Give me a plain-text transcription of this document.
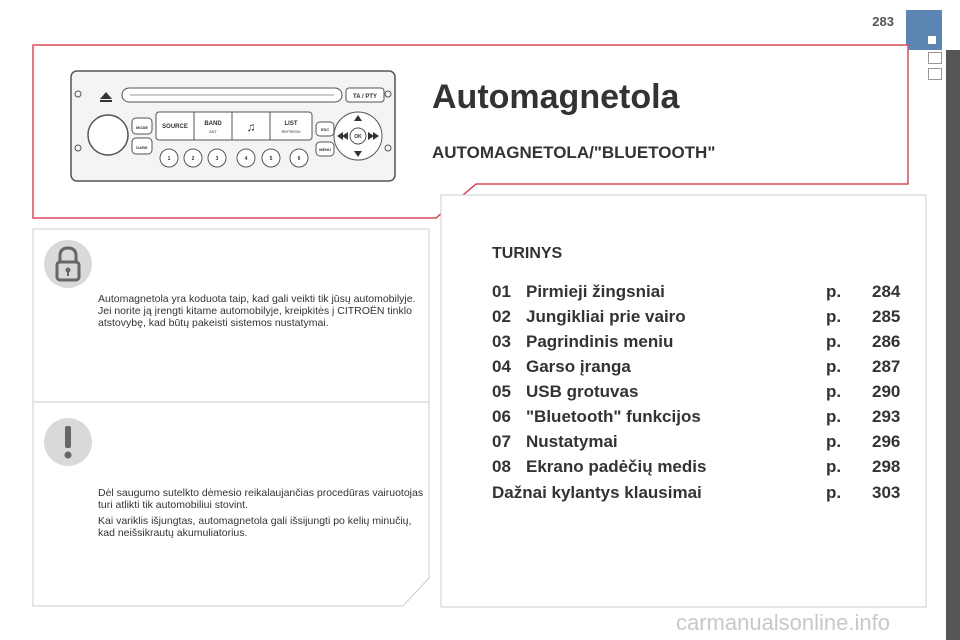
283
Automagnetola
AUTOMAGNETOLA/"BLUETOOTH"
TA / PTY
MODE
DARK
SOURCE	BAND
AST ♫	LIST
REFRESH
1	2	3	4	5	6
ESC
MENU
OK
Automagnetola yra koduota taip, kad gali veikti tik jūsų automobilyje. Jei norite ją įrengti kitame automobilyje, kreipkitės į CITROËN tinklo atstovybę, kad būtų pakeisti sistemos nustatymai.
Dėl saugumo sutelkto dėmesio reikalaujančias procedūras vairuotojas turi atlikti tik automobiliui stovint.
Kai variklis išjungtas, automagnetola gali išsijungti po kelių minučių, kad neišsikrautų akumuliatorius.
TURINYS
01 Pirmieji žingsniai	p. 284
02 Jungikliai prie vairo	p. 285
03 Pagrindinis meniu	p. 286
04 Garso įranga	p. 287
05 USB grotuvas	p. 290
06 "Bluetooth" funkcijos	p. 293
07 Nustatymai	p. 296
08 Ekrano padėčių medis	p. 298
Dažnai kylantys klausimai	p. 303
carmanualsonline.info
